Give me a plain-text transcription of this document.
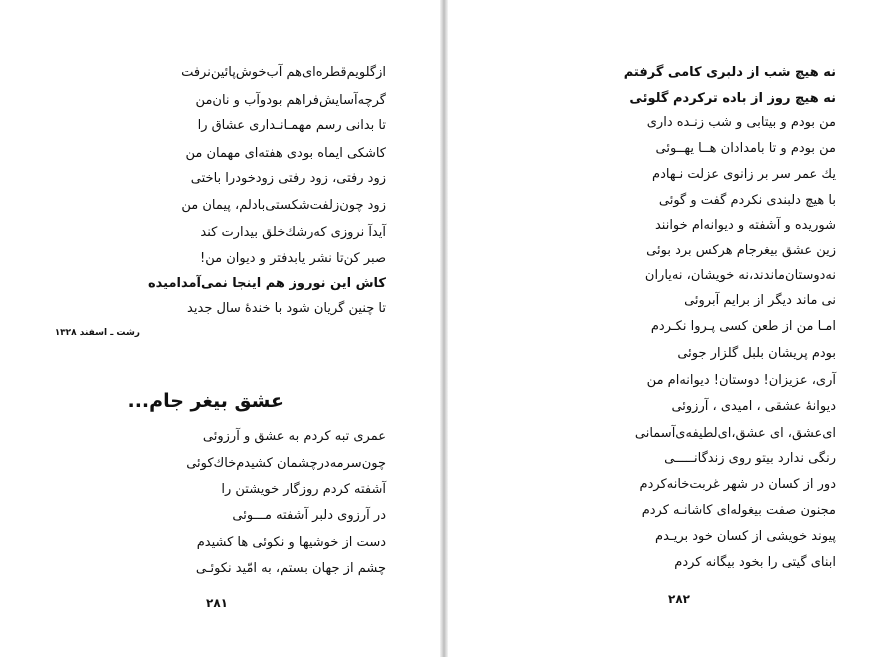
ازگلویم‌قطره‌ای‌هم آب‌خوش‌پائین‌نرفت
گرچه‌آسایش‌فراهم بودوآب و نان‌من
تا بدانی رسم مهمـانـداری عشاق را
کاشکی ایماه بودی هفته‌ای مهمان من
زود رفتی، زود رفتی زودخودرا باختی
زود چون‌زلفت‌شکستی‌بادلم، پیمان من
آیدآ نروزی کەرشك‌خلق بیدارت کند
صبر کن‌تا نشر یابدفتر و دیوان من!
کاش این نوروز هم اینجا نمی‌آمدامیده
تا چنین گریان شود با خندهٔ سال جدید
رشت ـ اسفند ۱۳۲۸
عشق بیغر جام...
عمری تبه کردم به عشق و آرزوئی
چون‌سرمه‌درچشمان کشیدم‌خاك‌کوئی
آشفته کردم روزگار خویشتن را
در آرزوی دلبر آشفته مـــوئی
دست از خوشیها و نکوئی ها کشیدم
چشم از جهان بستم، به امّید نکوئـی
۲۸۱
نه هیچ شب از دلبری کامی گرفتم
نه هیچ روز از باده ترکردم گلوئی
من بودم و بیتابی و شب زنـده داری
من بودم و تا بامدادان هــا یهــوئی
يك عمر سر بر زانوی عزلت نـهادم
با هیچ دلبندی نکردم گفت و گوئی
شوریده و آشفته و دیوانه‌ام خوانند
زین عشق بیغرجام هرکس برد بوئی
نەدوستان‌ماندند،نه خویشان، نەیاران
نی ماند دیگر از برایم آبروئی
امـا من از طعن کسی پـروا نکـردم
بودم پریشان بلبل گلزار جوئی
آری، عزیزان! دوستان! دیوانه‌ام من
دیوانهٔ عشقی ، امیدی ، آرزوئی
ای‌عشق، ای عشق،ای‌لطیفه‌ی‌آسمانی
رنگی ندارد بیتو روی زندگانـــــی
دور از کسان در شهر غربت‌خانه‌کردم
مجنون صفت بیغوله‌ای کاشانـه کردم
پیوند خویشی از کسان خود بریـدم
ابنای گیتی را بخود بیگانه کردم
۲۸۲
